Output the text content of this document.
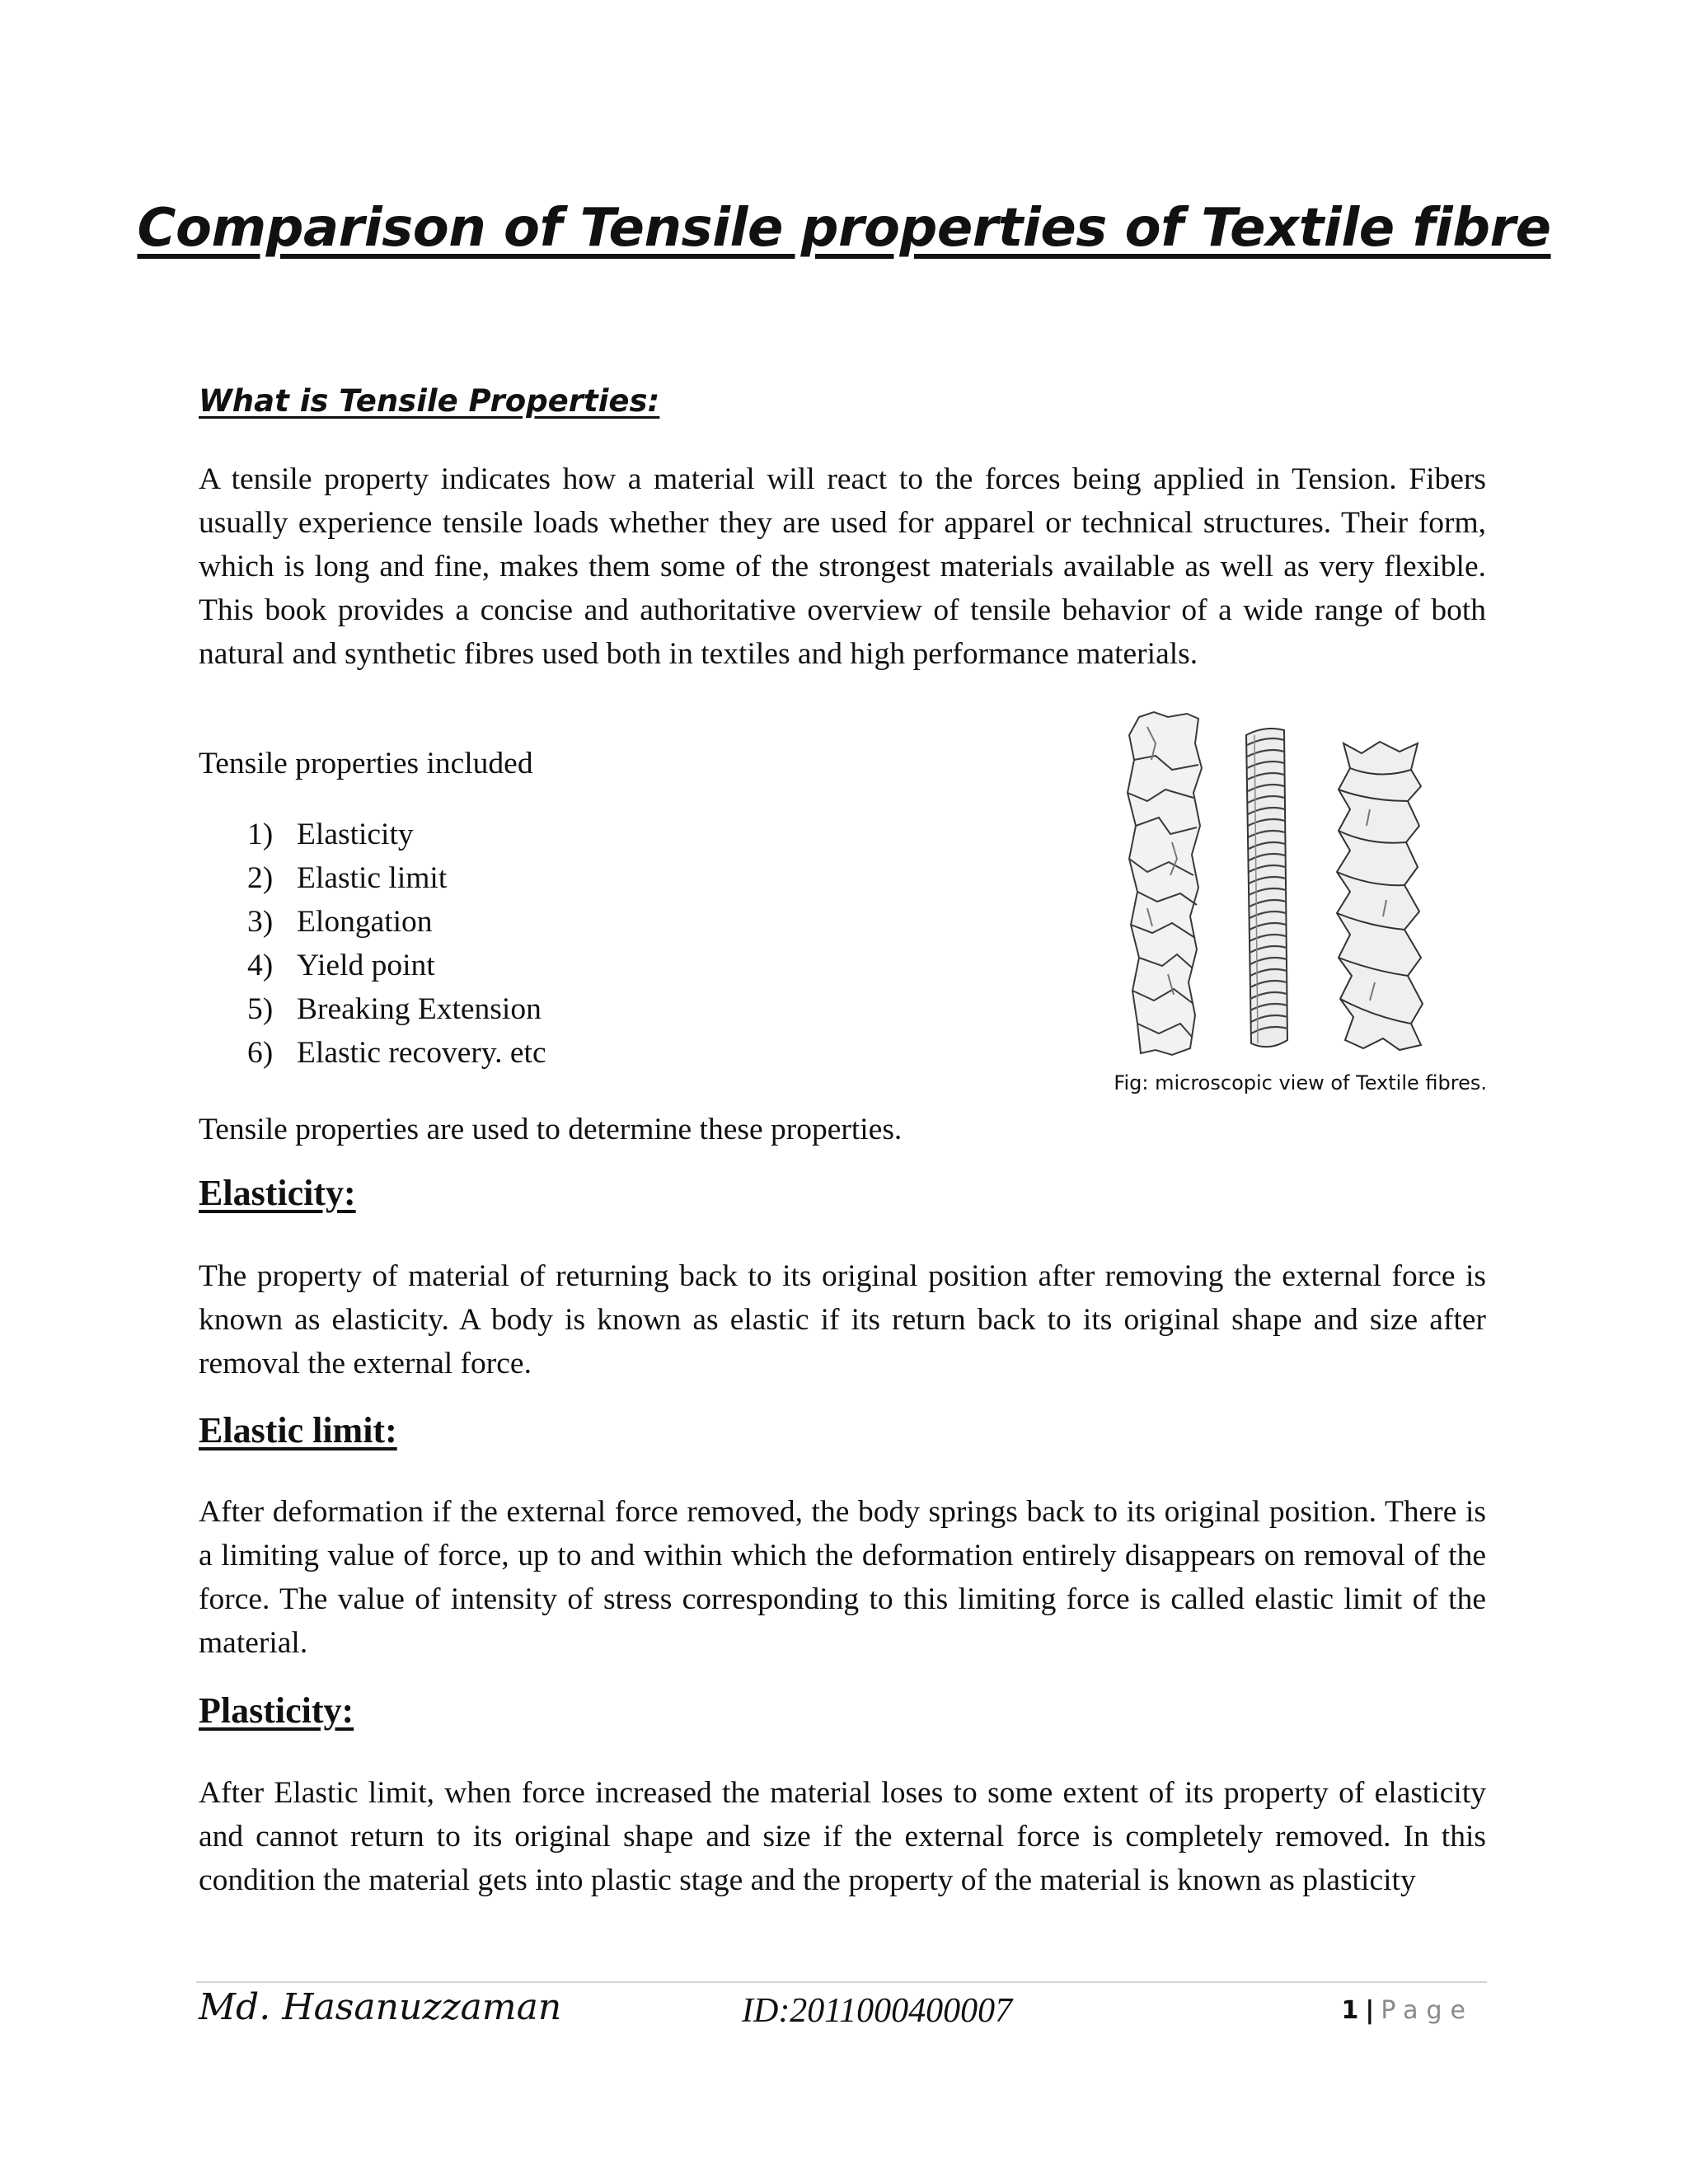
Comparison of Tensile properties of Textile fibre
What is Tensile Properties:

A tensile property indicates how a material will react to the forces being applied in Tension. Fibers usually experience tensile loads whether they are used for apparel or technical structures. Their form, which is long and fine, makes them some of the strongest materials available as well as very flexible. This book provides a concise and authoritative overview of tensile behavior of a wide range of both natural and synthetic fibres used both in textiles and high performance materials.

Tensile properties included

1) Elasticity
2) Elastic limit
3) Elongation
4) Yield point
5) Breaking Extension
6) Elastic recovery. etc

Tensile properties are used to determine these properties.

Fig: microscopic view of Textile fibres.

Elasticity:

The property of material of returning back to its original position after removing the external force is known as elasticity. A body is known as elastic if its return back to its original shape and size after removal the external force.

Elastic limit:

After deformation if the external force removed, the body springs back to its original position. There is a limiting value of force, up to and within which the deformation entirely disappears on removal of the force. The value of intensity of stress corresponding to this limiting force is called elastic limit of the material.

Plasticity:

After Elastic limit, when force increased the material loses to some extent of its property of elasticity and cannot return to its original shape and size if the external force is completely removed. In this condition the material gets into plastic stage and the property of the material is known as plasticity

Md. Hasanuzzaman	ID:2011000400007	1 | Page
